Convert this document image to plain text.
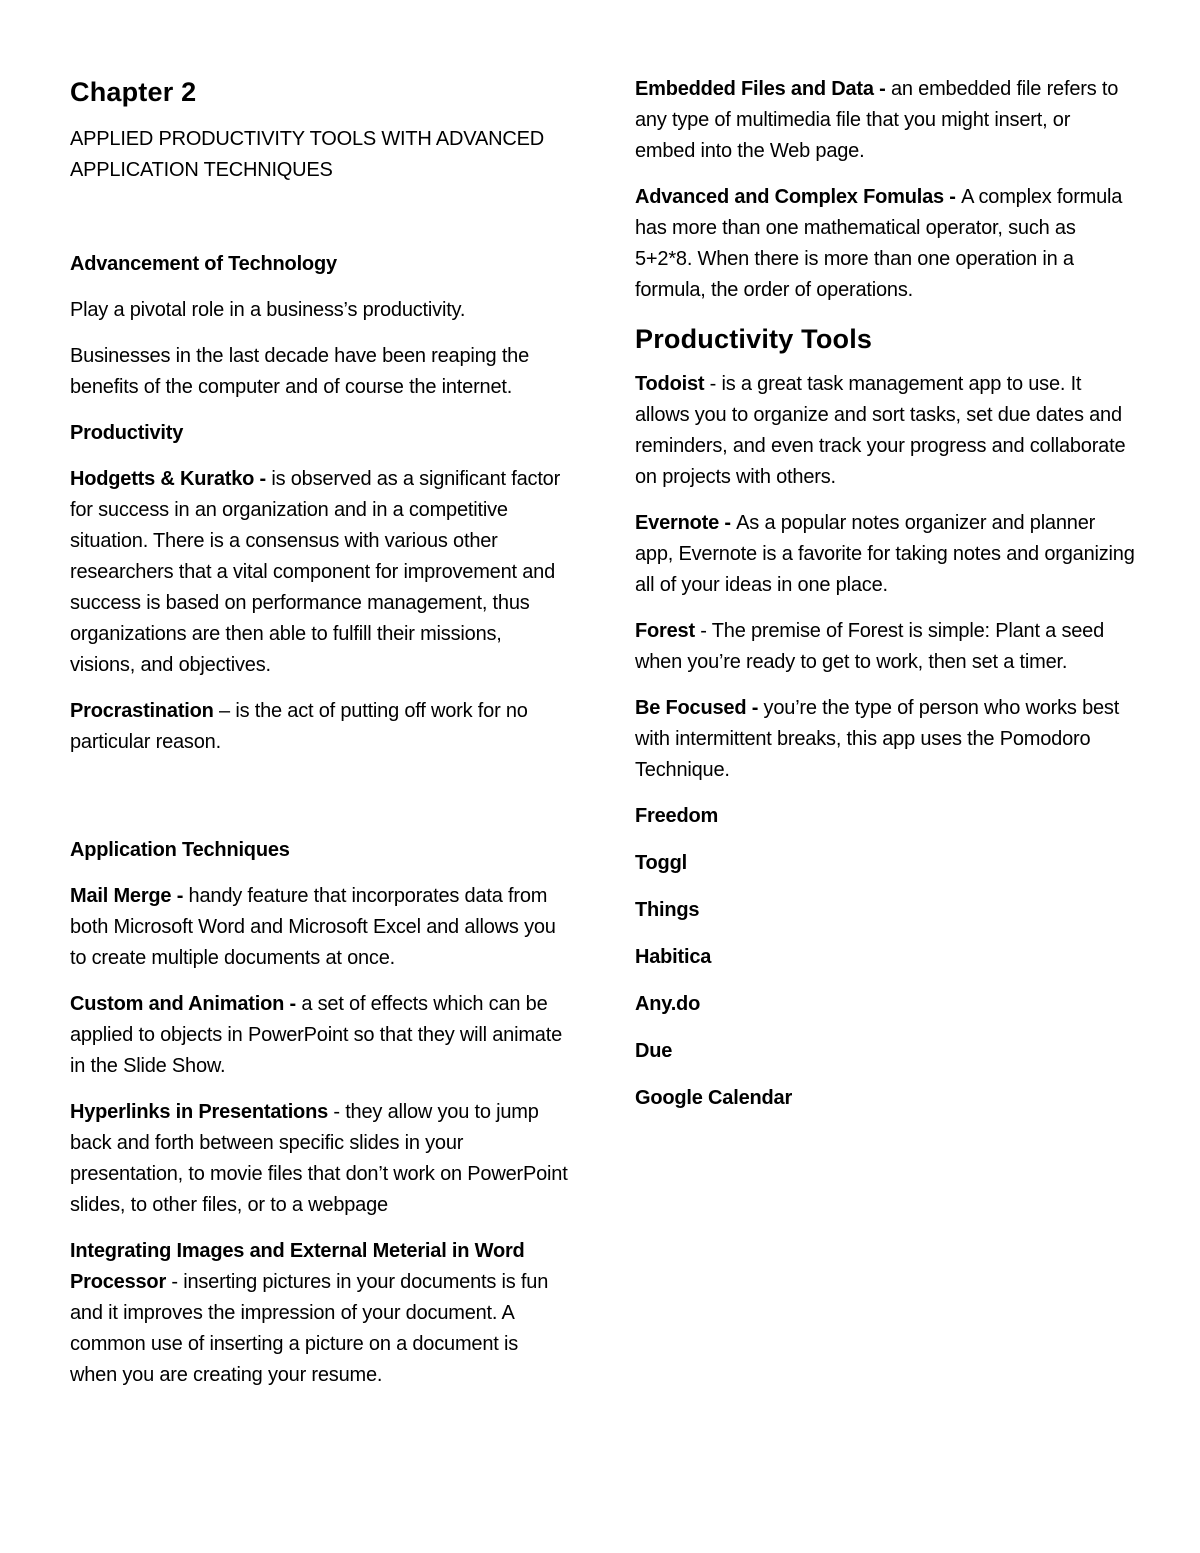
Chapter 2
APPLIED PRODUCTIVITY TOOLS WITH ADVANCED APPLICATION TECHNIQUES

Advancement of Technology

Play a pivotal role in a business’s productivity.

Businesses in the last decade have been reaping the benefits of the computer and of course the internet.

Productivity

Hodgetts & Kuratko - is observed as a significant factor for success in an organization and in a competitive situation. There is a consensus with various other researchers that a vital component for improvement and success is based on performance management, thus organizations are then able to fulfill their missions, visions, and objectives.

Procrastination – is the act of putting off work for no particular reason.

Application Techniques

Mail Merge - handy feature that incorporates data from both Microsoft Word and Microsoft Excel and allows you to create multiple documents at once.

Custom and Animation - a set of effects which can be applied to objects in PowerPoint so that they will animate in the Slide Show.

Hyperlinks in Presentations - they allow you to jump back and forth between specific slides in your presentation, to movie files that don’t work on PowerPoint slides, to other files, or to a webpage

Integrating Images and External Meterial in Word Processor - inserting pictures in your documents is fun and it improves the impression of your document. A common use of inserting a picture on a document is when you are creating your resume.

Embedded Files and Data - an embedded file refers to any type of multimedia file that you might insert, or embed into the Web page.

Advanced and Complex Fomulas - A complex formula has more than one mathematical operator, such as 5+2*8. When there is more than one operation in a formula, the order of operations.

Productivity Tools

Todoist - is a great task management app to use. It allows you to organize and sort tasks, set due dates and reminders, and even track your progress and collaborate on projects with others.

Evernote - As a popular notes organizer and planner app, Evernote is a favorite for taking notes and organizing all of your ideas in one place.

Forest - The premise of Forest is simple: Plant a seed when you’re ready to get to work, then set a timer.

Be Focused - you’re the type of person who works best with intermittent breaks, this app uses the Pomodoro Technique.

Freedom

Toggl

Things

Habitica

Any.do

Due

Google Calendar
